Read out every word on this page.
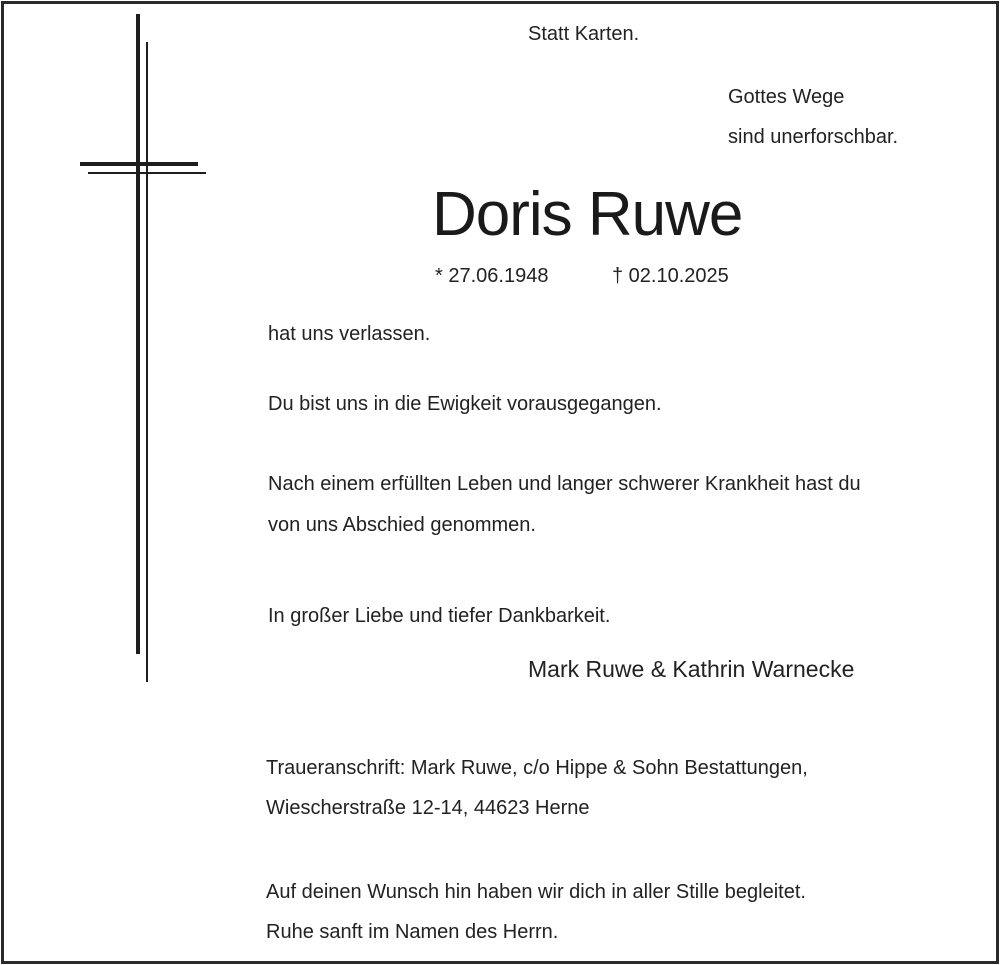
Statt Karten.
Gottes Wege
sind unerforschbar.
Doris Ruwe
* 27.06.1948	† 02.10.2025
hat uns verlassen.
Du bist uns in die Ewigkeit vorausgegangen.
Nach einem erfüllten Leben und langer schwerer Krankheit hast du
von uns Abschied genommen.
In großer Liebe und tiefer Dankbarkeit.
Mark Ruwe & Kathrin Warnecke
Traueranschrift: Mark Ruwe, c/o Hippe & Sohn Bestattungen,
Wiescherstraße 12-14, 44623 Herne
Auf deinen Wunsch hin haben wir dich in aller Stille begleitet.
Ruhe sanft im Namen des Herrn.
